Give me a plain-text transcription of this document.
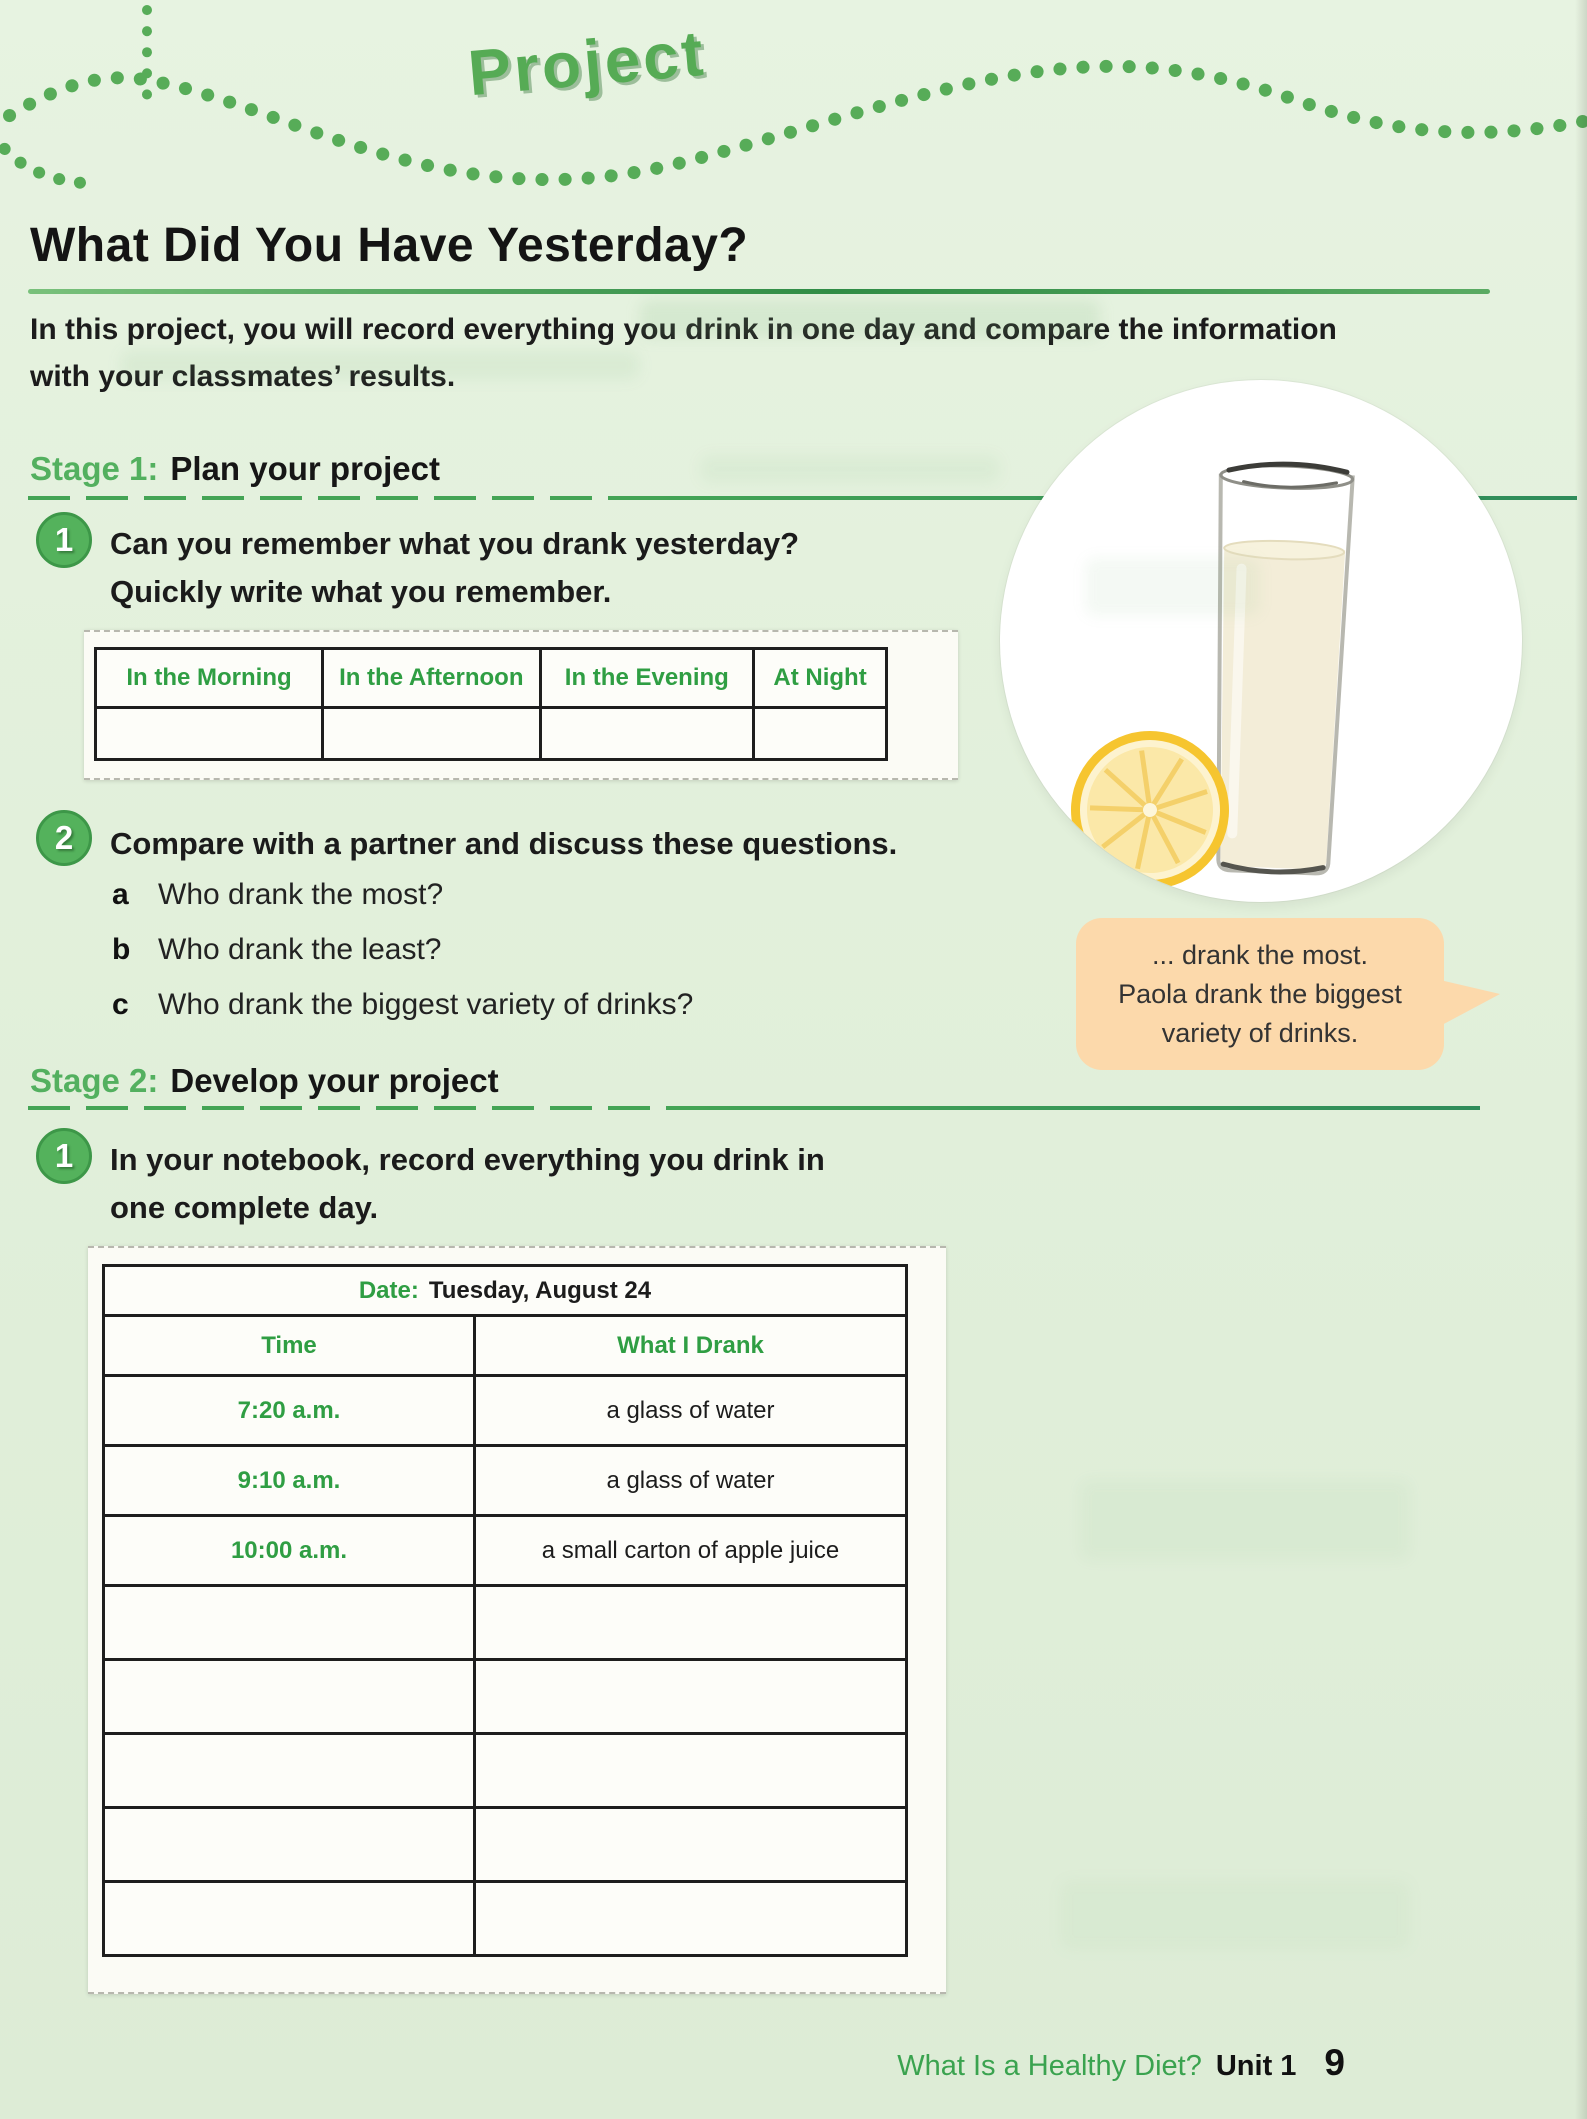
Project
What Did You Have Yesterday?
In this project, you will record everything you drink in one day and compare the information
with your classmates’ results.
Stage 1: Plan your project
1	Can you remember what you drank yesterday?
Quickly write what you remember.
In the Morning	In the Afternoon	In the Evening	At Night

2	Compare with a partner and discuss these questions.
a Who drank the most?
b Who drank the least?
c Who drank the biggest variety of drinks?
... drank the most.
Paola drank the biggest
variety of drinks.
Stage 2: Develop your project
1	In your notebook, record everything you drink in
one complete day.
Date: Tuesday, August 24	
Time	What I Drank
7:20 a.m.	a glass of water
9:10 a.m.	a glass of water
10:00 a.m.	a small carton of apple juice

What Is a Healthy Diet? Unit 1 9
